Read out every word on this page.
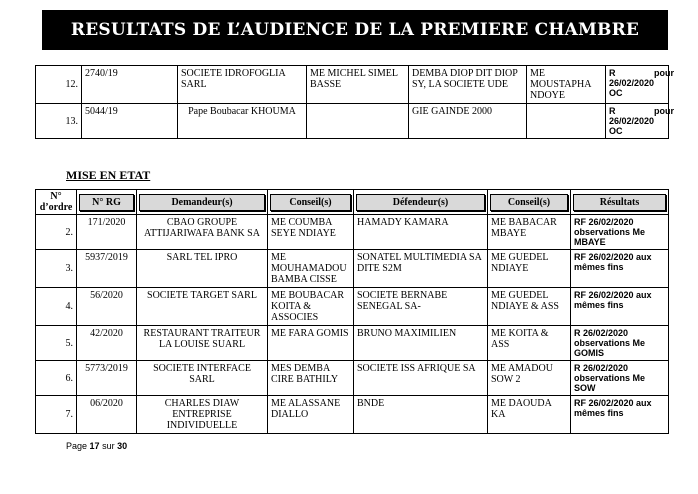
RESULTATS DE L’AUDIENCE DE LA PREMIERE CHAMBRE
12.	2740/19	SOCIETE IDROFOGLIA SARL	ME MICHEL SIMEL BASSE	DEMBA DIOP DIT DIOP SY, LA SOCIETE UDE	ME MOUSTAPHA NDOYE	R 26/02/2020
pour
OC

13.	5044/19	Pape Boubacar KHOUMA		GIE GAINDE 2000		R 26/02/2020
pour
OC
MISE EN ETAT
N° d’ordre	N° RG	Demandeur(s)	Conseil(s)	Défendeur(s)	Conseil(s)	Résultats

2.	171/2020	CBAO GROUPE ATTIJARIWAFA BANK SA	ME COUMBA SEYE NDIAYE	HAMADY KAMARA	ME BABACAR MBAYE	RF 26/02/2020 observations Me MBAYE
3.	5937/2019	SARL TEL IPRO	ME MOUHAMADOU BAMBA CISSE	SONATEL MULTIMEDIA SA DITE S2M	ME GUEDEL NDIAYE	RF 26/02/2020 aux mêmes fins
4.	56/2020	SOCIETE TARGET SARL	ME BOUBACAR KOITA & ASSOCIES	SOCIETE BERNABE SENEGAL SA-	ME GUEDEL NDIAYE & ASS	RF 26/02/2020 aux mêmes fins
5.	42/2020	RESTAURANT TRAITEUR LA LOUISE SUARL	ME FARA GOMIS	BRUNO MAXIMILIEN	ME KOITA & ASS	R 26/02/2020 observations Me GOMIS
6.	5773/2019	SOCIETE INTERFACE SARL	MES DEMBA CIRE BATHILY	SOCIETE ISS AFRIQUE SA	ME AMADOU SOW 2	R 26/02/2020 observations Me SOW
7.	06/2020	CHARLES DIAW ENTREPRISE INDIVIDUELLE	ME ALASSANE DIALLO	BNDE	ME DAOUDA KA	RF 26/02/2020 aux mêmes fins
Page 17 sur 30
